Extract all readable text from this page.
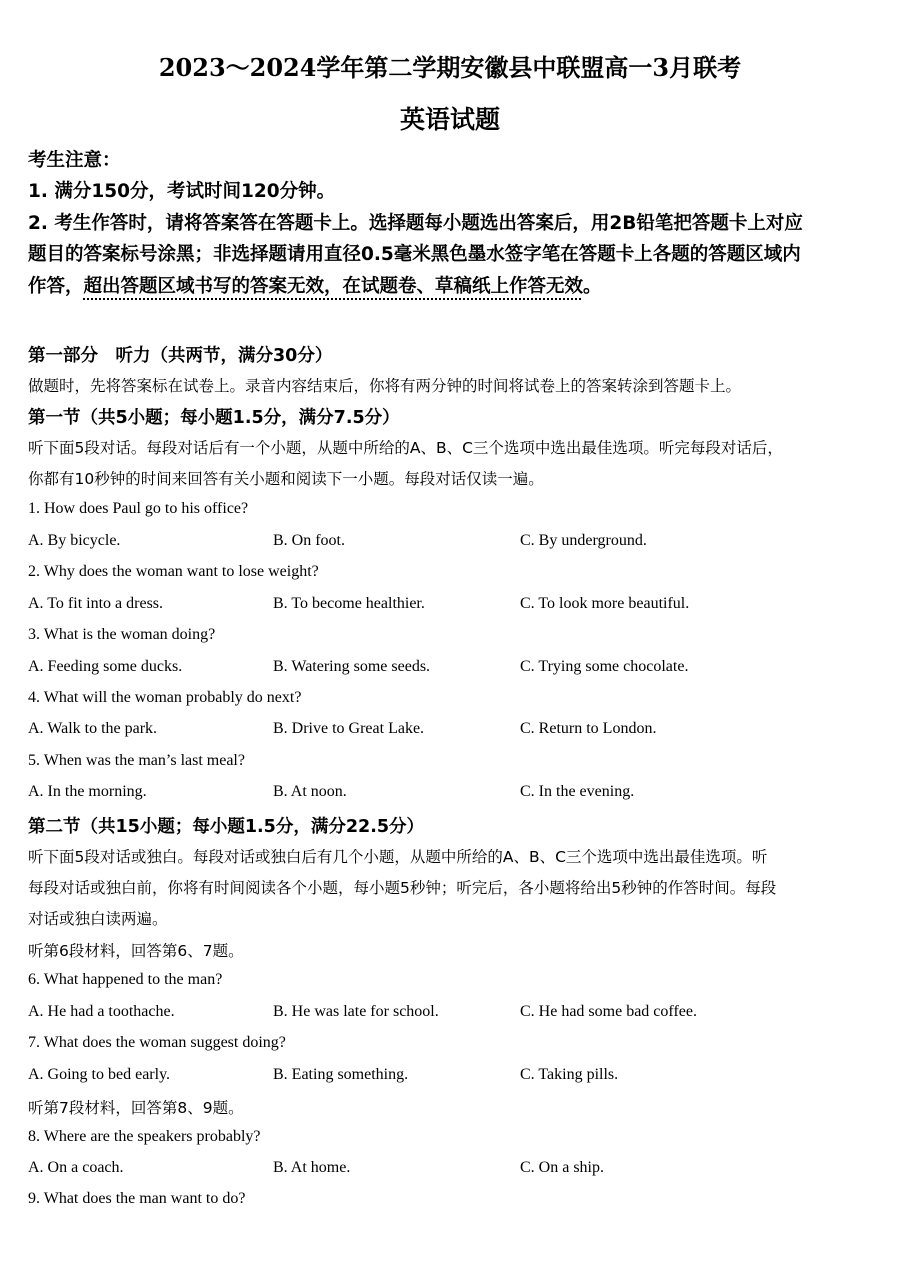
2023～2024学年第二学期安徽县中联盟高一3月联考
英语试题
考生注意：
1. 满分150分，考试时间120分钟。
2. 考生作答时，请将答案答在答题卡上。选择题每小题选出答案后，用2B铅笔把答题卡上对应
题目的答案标号涂黑；非选择题请用直径0.5毫米黑色墨水签字笔在答题卡上各题的答题区域内
作答，超出答题区域书写的答案无效，在试题卷、草稿纸上作答无效。
第一部分　听力（共两节，满分30分）
做题时，先将答案标在试卷上。录音内容结束后，你将有两分钟的时间将试卷上的答案转涂到答题卡上。
第一节（共5小题；每小题1.5分，满分7.5分）
听下面5段对话。每段对话后有一个小题，从题中所给的A、B、C三个选项中选出最佳选项。听完每段对话后，
你都有10秒钟的时间来回答有关小题和阅读下一小题。每段对话仅读一遍。
1. How does Paul go to his office?
A. By bicycle.	B. On foot.	C. By underground.
2. Why does the woman want to lose weight?
A. To fit into a dress.	B. To become healthier.	C. To look more beautiful.
3. What is the woman doing?
A. Feeding some ducks.	B. Watering some seeds.	C. Trying some chocolate.
4. What will the woman probably do next?
A. Walk to the park.	B. Drive to Great Lake.	C. Return to London.
5. When was the man’s last meal?
A. In the morning.	B. At noon.	C. In the evening.
第二节（共15小题；每小题1.5分，满分22.5分）
听下面5段对话或独白。每段对话或独白后有几个小题，从题中所给的A、B、C三个选项中选出最佳选项。听
每段对话或独白前，你将有时间阅读各个小题，每小题5秒钟；听完后，各小题将给出5秒钟的作答时间。每段
对话或独白读两遍。
听第6段材料，回答第6、7题。
6. What happened to the man?
A. He had a toothache.	B. He was late for school.	C. He had some bad coffee.
7. What does the woman suggest doing?
A. Going to bed early.	B. Eating something.	C. Taking pills.
听第7段材料，回答第8、9题。
8. Where are the speakers probably?
A. On a coach.	B. At home.	C. On a ship.
9. What does the man want to do?
